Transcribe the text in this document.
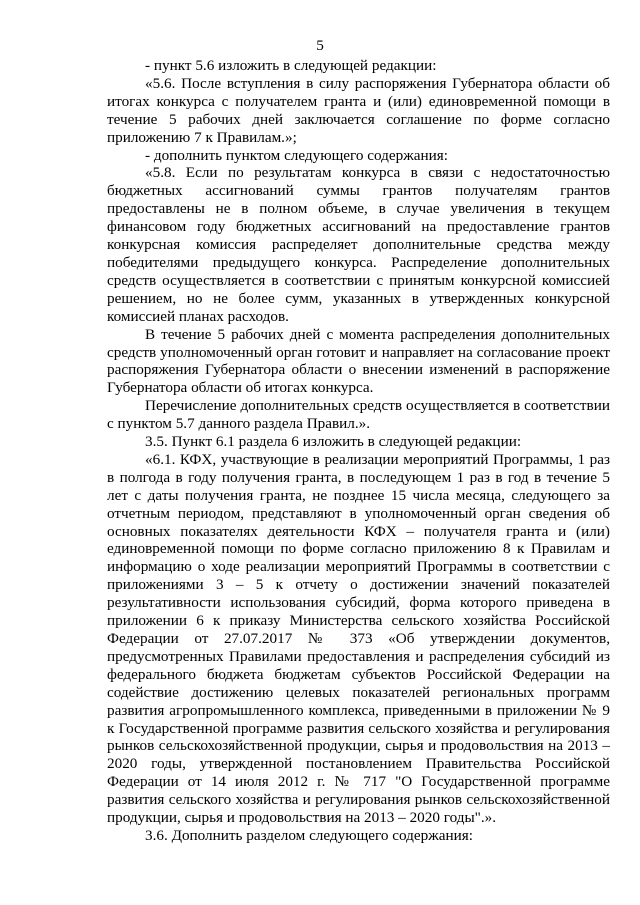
5

- пункт 5.6 изложить в следующей редакции:

«5.6. После вступления в силу распоряжения Губернатора области об итогах конкурса с получателем гранта и (или) единовременной помощи в течение 5 рабочих дней заключается соглашение по форме согласно приложению 7 к Правилам.»;

- дополнить пунктом следующего содержания:

«5.8. Если по результатам конкурса в связи с недостаточностью бюджетных ассигнований суммы грантов получателям грантов предоставлены не в полном объеме, в случае увеличения в текущем финансовом году бюджетных ассигнований на предоставление грантов конкурсная комиссия распределяет дополнительные средства между победителями предыдущего конкурса. Распределение дополнительных средств осуществляется в соответствии с принятым конкурсной комиссией решением, но не более сумм, указанных в утвержденных конкурсной комиссией планах расходов.

В течение 5 рабочих дней с момента распределения дополнительных средств уполномоченный орган готовит и направляет на согласование проект распоряжения Губернатора области о внесении изменений в распоряжение Губернатора области об итогах конкурса.

Перечисление дополнительных средств осуществляется в соответствии с пунктом 5.7 данного раздела Правил.».

3.5. Пункт 6.1 раздела 6 изложить в следующей редакции:

«6.1. КФХ, участвующие в реализации мероприятий Программы, 1 раз в полгода в году получения гранта, в последующем 1 раз в год в течение 5 лет с даты получения гранта, не позднее 15 числа месяца, следующего за отчетным периодом, представляют в уполномоченный орган сведения об основных показателях деятельности КФХ – получателя гранта и (или) единовременной помощи по форме согласно приложению 8 к Правилам и информацию о ходе реализации мероприятий Программы в соответствии с приложениями 3 – 5 к отчету о достижении значений показателей результативности использования субсидий, форма которого приведена в приложении 6 к приказу Министерства сельского хозяйства Российской Федерации от 27.07.2017 № 373 «Об утверждении документов, предусмотренных Правилами предоставления и распределения субсидий из федерального бюджета бюджетам субъектов Российской Федерации на содействие достижению целевых показателей региональных программ развития агропромышленного комплекса, приведенными в приложении № 9 к Государственной программе развития сельского хозяйства и регулирования рынков сельскохозяйственной продукции, сырья и продовольствия на 2013 – 2020 годы, утвержденной постановлением Правительства Российской Федерации от 14 июля 2012 г. № 717 "О Государственной программе развития сельского хозяйства и регулирования рынков сельскохозяйственной продукции, сырья и продовольствия на 2013 – 2020 годы".».

3.6. Дополнить разделом следующего содержания:
